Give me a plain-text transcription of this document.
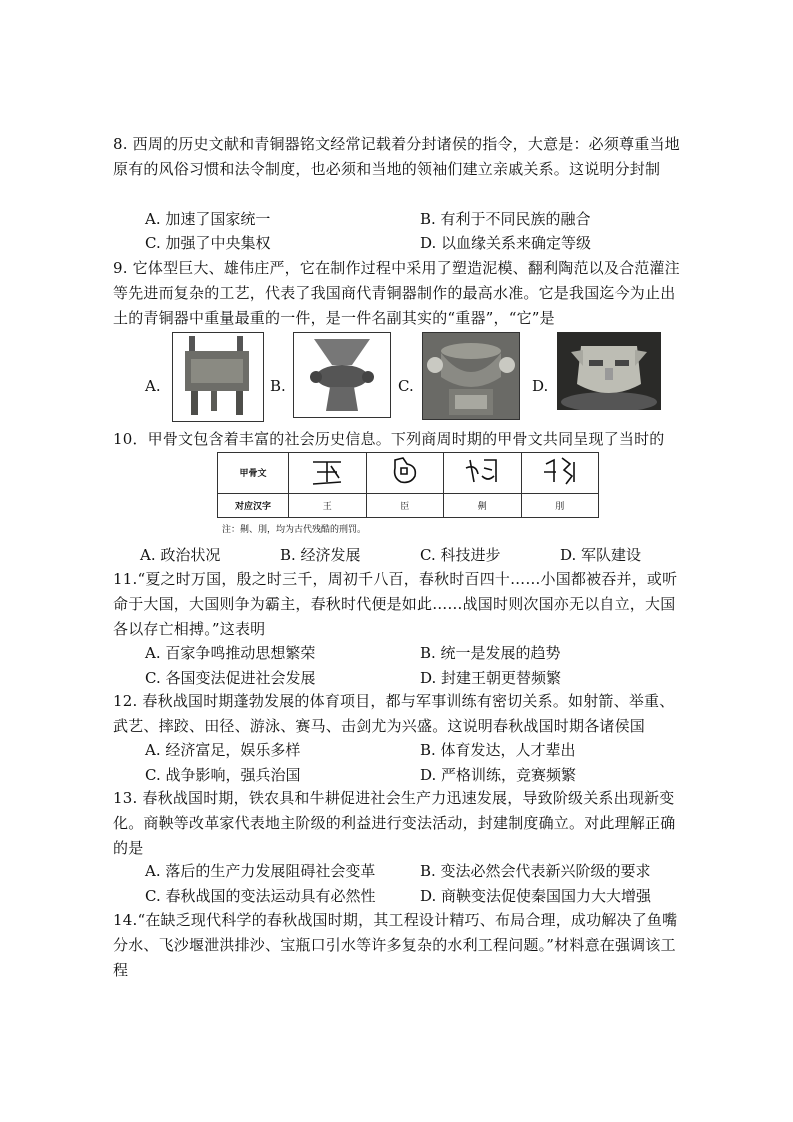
8. 西周的历史文献和青铜器铭文经常记载着分封诸侯的指令，大意是：必须尊重当地原有的风俗习惯和法令制度，也必须和当地的领袖们建立亲戚关系。这说明分封制
A. 加速了国家统一	B. 有利于不同民族的融合
C. 加强了中央集权	D. 以血缘关系来确定等级
9. 它体型巨大、雄伟庄严，它在制作过程中采用了塑造泥模、翻利陶范以及合范灌注等先进而复杂的工艺，代表了我国商代青铜器制作的最高水准。它是我国迄今为止出土的青铜器中重量最重的一件，是一件名副其实的“重器”，“它”是
A.	B.	C.	D.
10．甲骨文包含着丰富的社会历史信息。下列商周时期的甲骨文共同呈现了当时的
甲骨文				
对应汉字	王	臣	劓	刖
注：劓、刖，均为古代残酷的刑罚。
A. 政治状况	B. 经济发展	C. 科技进步	D. 军队建设
11.“夏之时万国，殷之时三千，周初千八百，春秋时百四十……小国都被吞并，或听命于大国，大国则争为霸主，春秋时代便是如此……战国时则次国亦无以自立，大国各以存亡相搏。”这表明
A. 百家争鸣推动思想繁荣	B. 统一是发展的趋势
C. 各国变法促进社会发展	D. 封建王朝更替频繁
12. 春秋战国时期蓬勃发展的体育项目，都与军事训练有密切关系。如射箭、举重、武艺、摔跤、田径、游泳、赛马、击剑尤为兴盛。这说明春秋战国时期各诸侯国
A. 经济富足，娱乐多样	B. 体育发达，人才辈出
C. 战争影响，强兵治国	D. 严格训练，竞赛频繁
13. 春秋战国时期，铁农具和牛耕促进社会生产力迅速发展，导致阶级关系出现新变化。商鞅等改革家代表地主阶级的利益进行变法活动，封建制度确立。对此理解正确的是
A. 落后的生产力发展阻碍社会变革	B. 变法必然会代表新兴阶级的要求
C. 春秋战国的变法运动具有必然性	D. 商鞅变法促使秦国国力大大增强
14.“在缺乏现代科学的春秋战国时期，其工程设计精巧、布局合理，成功解决了鱼嘴分水、飞沙堰泄洪排沙、宝瓶口引水等许多复杂的水利工程问题。”材料意在强调该工程
